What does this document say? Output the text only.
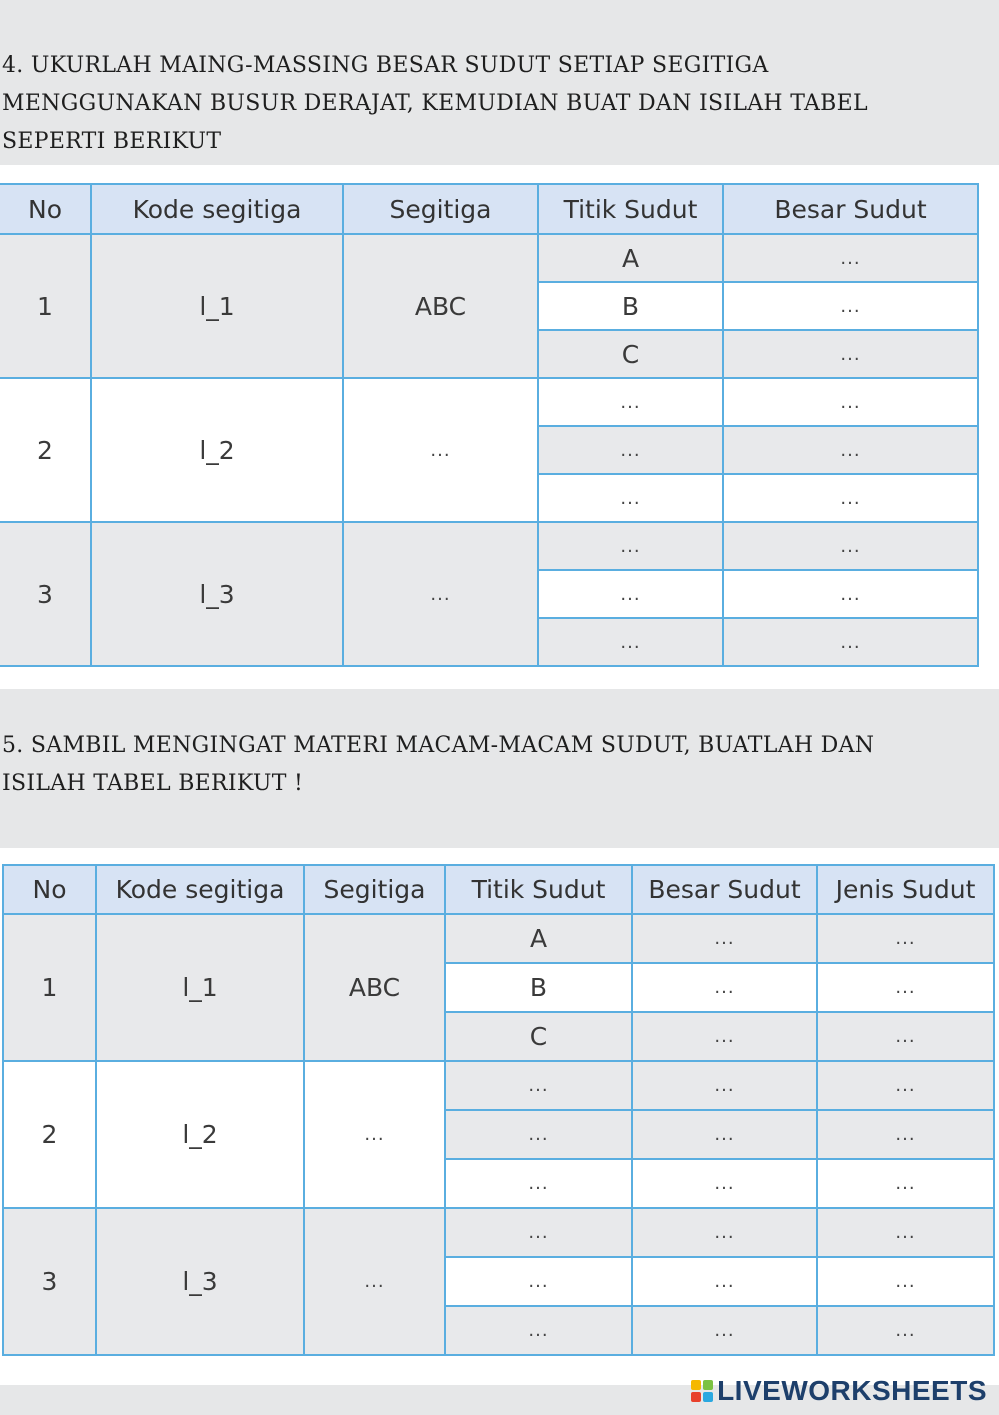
4. UKURLAH MAING-MASSING BESAR SUDUT SETIAP SEGITIGA
MENGGUNAKAN BUSUR DERAJAT, KEMUDIAN BUAT DAN ISILAH TABEL
SEPERTI BERIKUT
No	Kode segitiga	Segitiga	Titik Sudut	Besar Sudut
1	l_1	ABC	A	...
			B	...
			C	...
2	l_2	...	...	...
			...	...
			...	...
3	l_3	...	...	...
			...	...
			...	...
5. SAMBIL MENGINGAT MATERI MACAM-MACAM SUDUT, BUATLAH DAN
ISILAH TABEL BERIKUT !
No	Kode segitiga	Segitiga	Titik Sudut	Besar Sudut	Jenis Sudut
1	l_1	ABC	A	...	...
			B	...	...
			C	...	...
2	l_2	...	...	...	...
			...	...	...
			...	...	...
3	l_3	...	...	...	...
			...	...	...
			...	...	...
LIVEWORKSHEETS
